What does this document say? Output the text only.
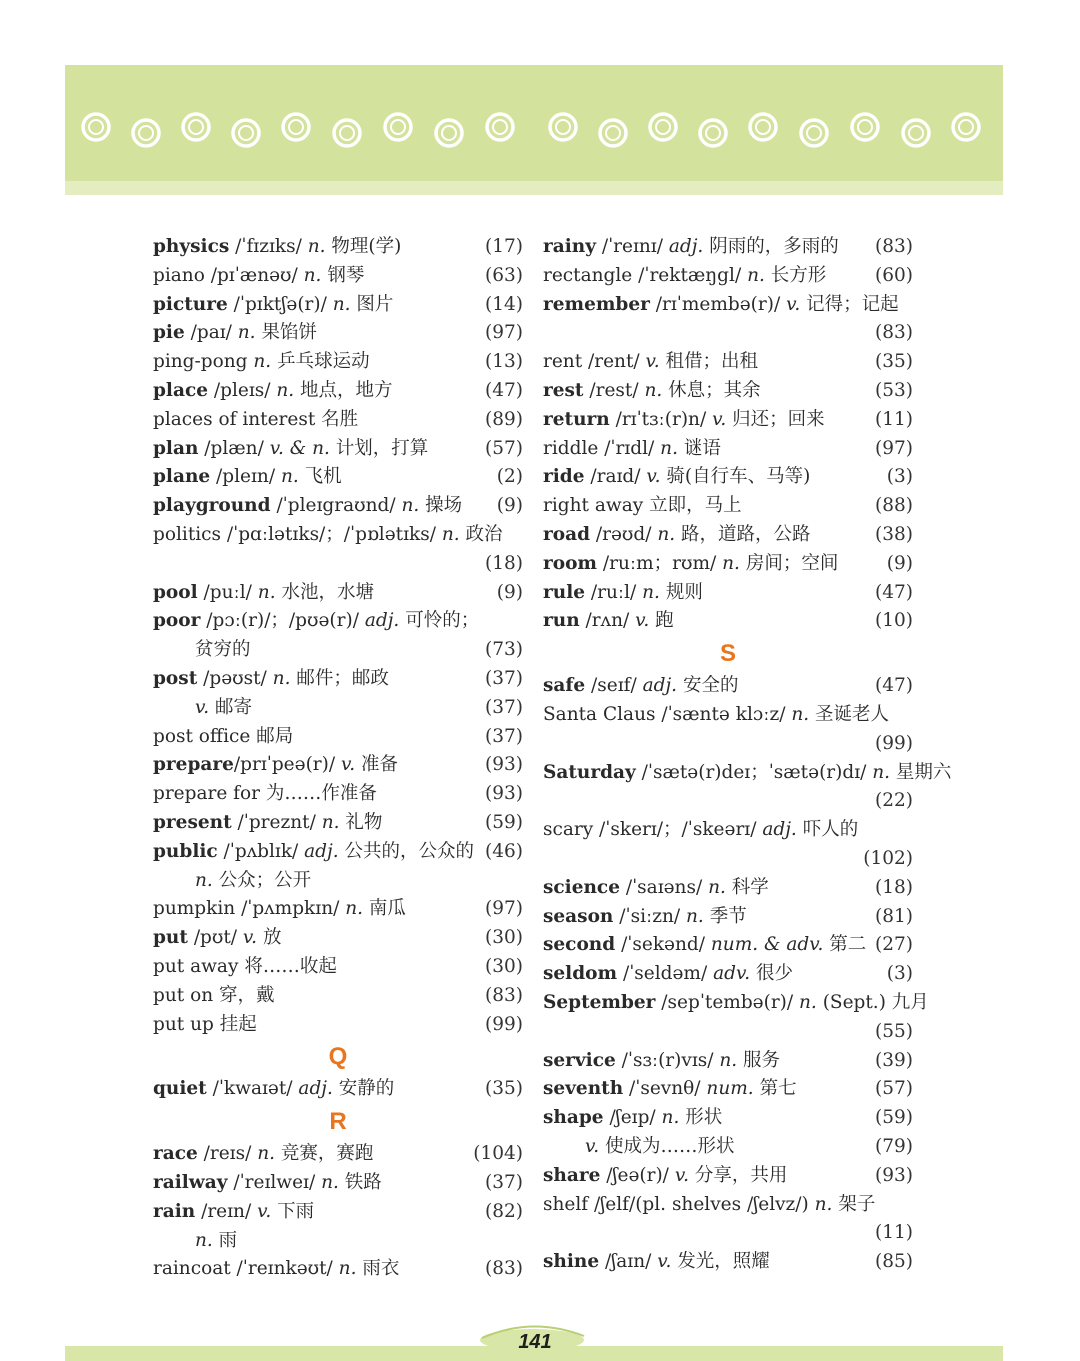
physics /ˈfɪzɪks/ n. 物理(学)	(17)
piano /pɪˈænəʊ/ n. 钢琴	(63)
picture /ˈpɪktʃə(r)/ n. 图片	(14)
pie /paɪ/ n. 果馅饼	(97)
ping-pong n. 乒乓球运动	(13)
place /pleɪs/ n. 地点，地方	(47)
places of interest 名胜	(89)
plan /plæn/ v. & n. 计划，打算	(57)
plane /pleɪn/ n. 飞机	(2)
playground /ˈpleɪgraʊnd/ n. 操场 (9)
politics /ˈpɑːlətɪks/；/ˈpɒlətɪks/ n. 政治
(18)
pool /puːl/ n. 水池，水塘	(9)
poor /pɔː(r)/；/pʊə(r)/ adj. 可怜的；
贫穷的	(73)
post /pəʊst/ n. 邮件；邮政	(37)
v. 邮寄	(37)
post office 邮局	(37)
prepare/prɪˈpeə(r)/ v. 准备	(93)
prepare for 为……作准备	(93)
present /ˈpreznt/ n. 礼物	(59)
public /ˈpʌblɪk/ adj. 公共的，公众的 (46)
n. 公众；公开
pumpkin /ˈpʌmpkɪn/ n. 南瓜	(97)
put /pʊt/ v. 放	(30)
put away 将……收起	(30)
put on 穿，戴	(83)
put up 挂起	(99)
Q
quiet /ˈkwaɪət/ adj. 安静的	(35)
R
race /reɪs/ n. 竞赛，赛跑	(104)
railway /ˈreɪlweɪ/ n. 铁路	(37)
rain /reɪn/ v. 下雨	(82)
n. 雨
raincoat /ˈreɪnkəʊt/ n. 雨衣	(83)
rainy /ˈreɪnɪ/ adj. 阴雨的，多雨的 (83)
rectangle /ˈrektæŋgl/ n. 长方形	(60)
remember /rɪˈmembə(r)/ v. 记得；记起
(83)
rent /rent/ v. 租借；出租	(35)
rest /rest/ n. 休息；其余	(53)
return /rɪˈtɜː(r)n/ v. 归还；回来	(11)
riddle /ˈrɪdl/ n. 谜语	(97)
ride /raɪd/ v. 骑(自行车、马等)	(3)
right away 立即，马上	(88)
road /rəʊd/ n. 路，道路，公路	(38)
room /ruːm；rʊm/ n. 房间；空间	(9)
rule /ruːl/ n. 规则	(47)
run /rʌn/ v. 跑	(10)
S
safe /seɪf/ adj. 安全的	(47)
Santa Claus /ˈsæntə klɔːz/ n. 圣诞老人
(99)
Saturday /ˈsætə(r)deɪ；ˈsætə(r)dɪ/ n. 星期六
(22)
scary /ˈskerɪ/；/ˈskeərɪ/ adj. 吓人的
(102)
science /ˈsaɪəns/ n. 科学	(18)
season /ˈsiːzn/ n. 季节	(81)
second /ˈsekənd/ num. & adv. 第二 (27)
seldom /ˈseldəm/ adv. 很少	(3)
September /sepˈtembə(r)/ n. (Sept.) 九月
(55)
service /ˈsɜː(r)vɪs/ n. 服务	(39)
seventh /ˈsevnθ/ num. 第七	(57)
shape /ʃeɪp/ n. 形状	(59)
v. 使成为……形状	(79)
share /ʃeə(r)/ v. 分享，共用	(93)
shelf /ʃelf/(pl. shelves /ʃelvz/) n. 架子
(11)
shine /ʃaɪn/ v. 发光，照耀	(85)
141
